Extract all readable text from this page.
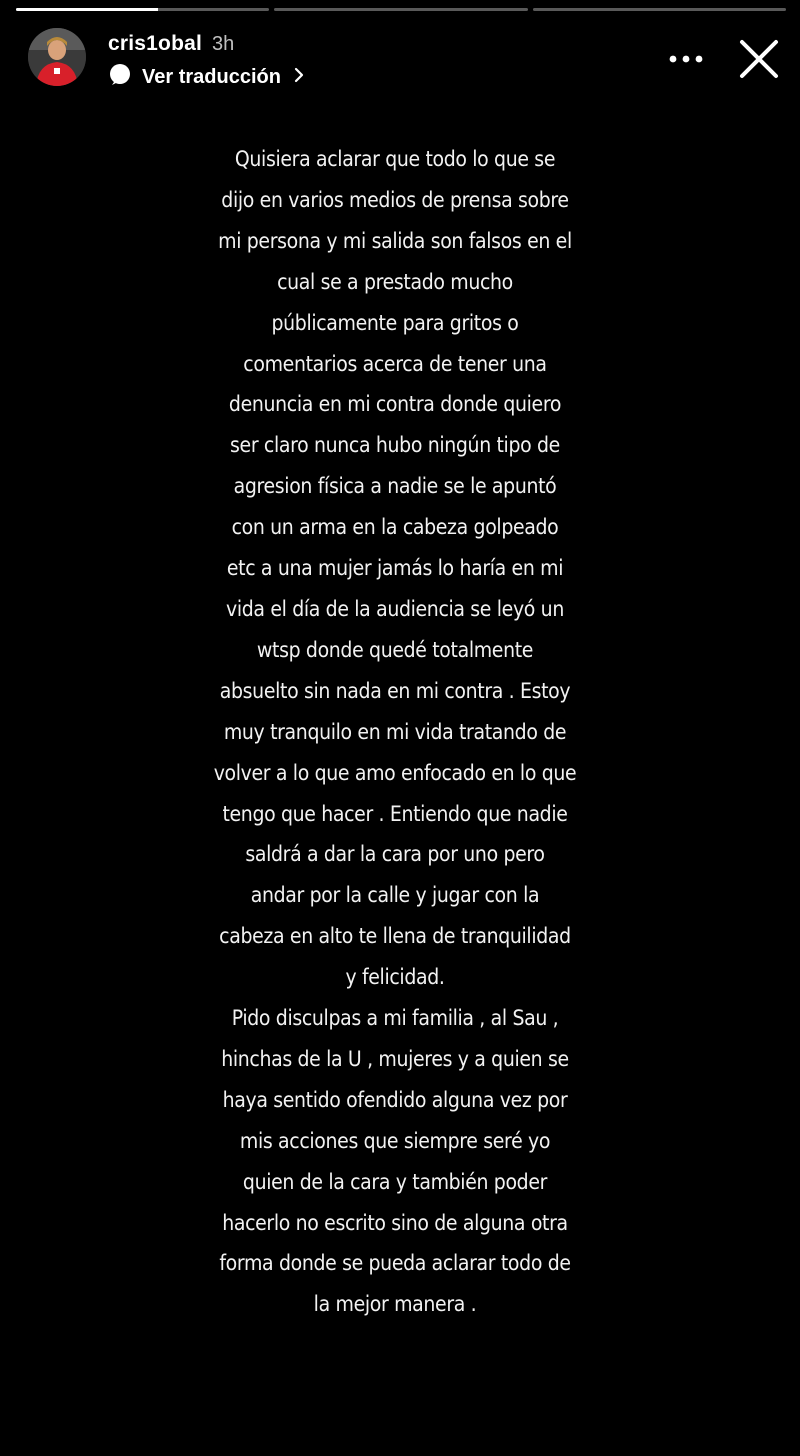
cris1obal 3h
Ver traducción
Quisiera aclarar que todo lo que se
dijo en varios medios de prensa sobre
mi persona y mi salida son falsos en el
cual se a prestado mucho
públicamente para gritos o
comentarios acerca de tener una
denuncia en mi contra donde quiero
ser claro nunca hubo ningún tipo de
agresion física a nadie se le apuntó
con un arma en la cabeza golpeado
etc a una mujer jamás lo haría en mi
vida el día de la audiencia se leyó un
wtsp donde quedé totalmente
absuelto sin nada en mi contra . Estoy
muy tranquilo en mi vida tratando de
volver a lo que amo enfocado en lo que
tengo que hacer . Entiendo que nadie
saldrá a dar la cara por uno pero
andar por la calle y jugar con la
cabeza en alto te llena de tranquilidad
y felicidad.
Pido disculpas a mi familia , al Sau ,
hinchas de la U , mujeres y a quien se
haya sentido ofendido alguna vez por
mis acciones que siempre seré yo
quien de la cara y también poder
hacerlo no escrito sino de alguna otra
forma donde se pueda aclarar todo de
la mejor manera .
